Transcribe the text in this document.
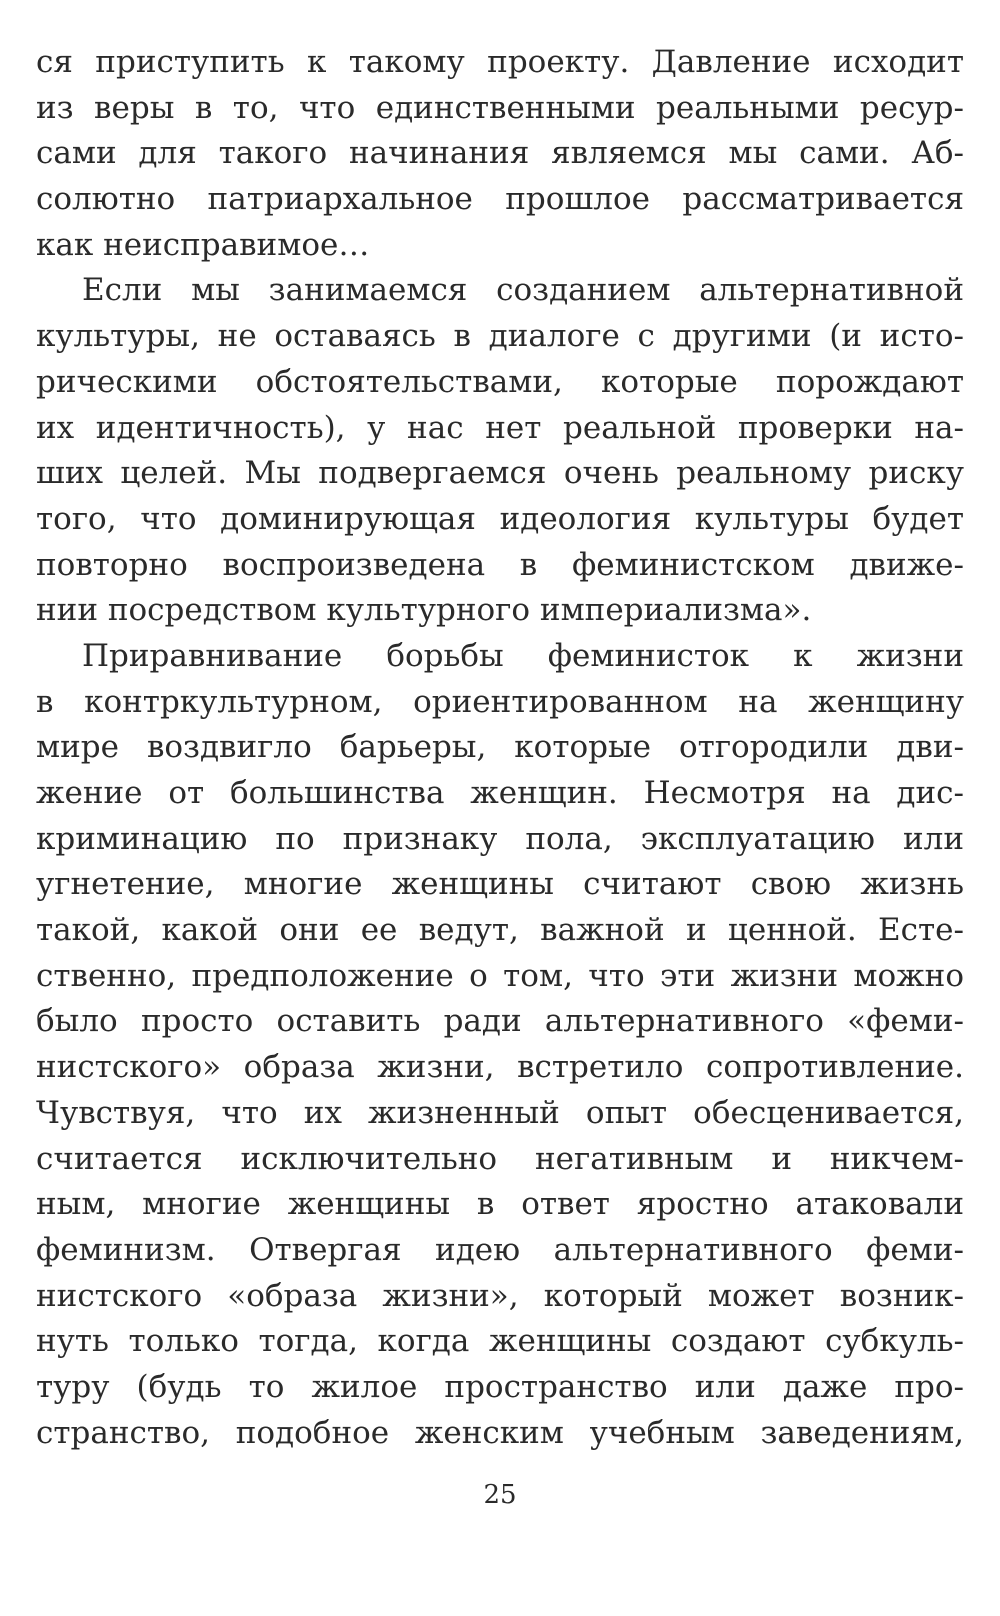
ся приступить к такому проекту. Давление исходит
из веры в то, что единственными реальными ресур-
сами для такого начинания являемся мы сами. Аб-
солютно патриархальное прошлое рассматривается
как неисправимое…
Если мы занимаемся созданием альтернативной
культуры, не оставаясь в диалоге с другими (и исто-
рическими обстоятельствами, которые порождают
их идентичность), у нас нет реальной проверки на-
ших целей. Мы подвергаемся очень реальному риску
того, что доминирующая идеология культуры будет
повторно воспроизведена в феминистском движе-
нии посредством культурного империализма».
Приравнивание борьбы феминисток к жизни
в контркультурном, ориентированном на женщину
мире воздвигло барьеры, которые отгородили дви-
жение от большинства женщин. Несмотря на дис-
криминацию по признаку пола, эксплуатацию или
угнетение, многие женщины считают свою жизнь
такой, какой они ее ведут, важной и ценной. Есте-
ственно, предположение о том, что эти жизни можно
было просто оставить ради альтернативного «феми-
нистского» образа жизни, встретило сопротивление.
Чувствуя, что их жизненный опыт обесценивается,
считается исключительно негативным и никчем-
ным, многие женщины в ответ яростно атаковали
феминизм. Отвергая идею альтернативного феми-
нистского «образа жизни», который может возник-
нуть только тогда, когда женщины создают субкуль-
туру (будь то жилое пространство или даже про-
странство, подобное женским учебным заведениям,
25
